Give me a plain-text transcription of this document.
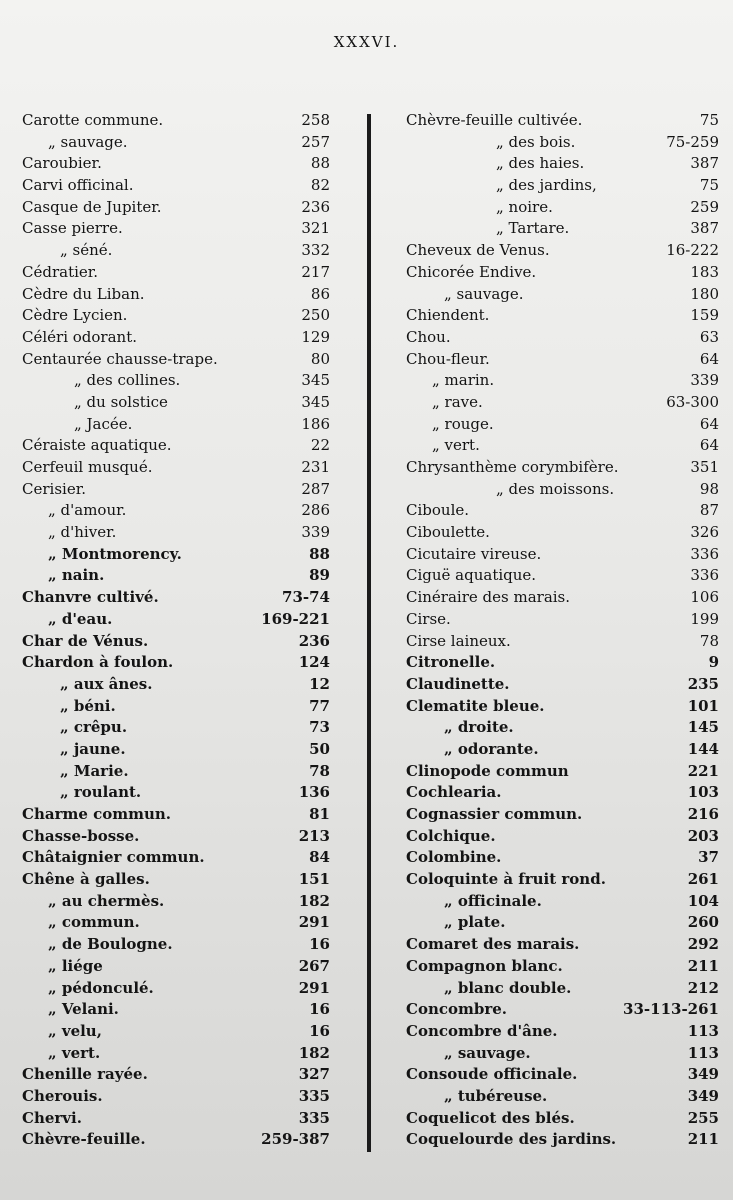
XXXVI.
Carotte commune.	258
„ sauvage.	257
Caroubier.	88
Carvi officinal.	82
Casque de Jupiter.	236
Casse pierre.	321
„ séné.	332
Cédratier.	217
Cèdre du Liban.	86
Cèdre Lycien.	250
Céléri odorant.	129
Centaurée chausse-trape.	80
„ des collines.	345
„ du solstice	345
„ Jacée.	186
Céraiste aquatique.	22
Cerfeuil musqué.	231
Cerisier.	287
„ d'amour.	286
„ d'hiver.	339
„ Montmorency.	88
„ nain.	89
Chanvre cultivé.	73-74
„ d'eau.	169-221
Char de Vénus.	236
Chardon à foulon.	124
„ aux ânes.	12
„ béni.	77
„ crêpu.	73
„ jaune.	50
„ Marie.	78
„ roulant.	136
Charme commun.	81
Chasse-bosse.	213
Châtaignier commun.	84
Chêne à galles.	151
„ au chermès.	182
„ commun.	291
„ de Boulogne.	16
„ liége	267
„ pédonculé.	291
„ Velani.	16
„ velu,	16
„ vert.	182
Chenille rayée.	327
Cherouis.	335
Chervi.	335
Chèvre-feuille.	259-387
Chèvre-feuille cultivée.	75
„ des bois.	75-259
„ des haies.	387
„ des jardins,	75
„ noire.	259
„ Tartare.	387
Cheveux de Venus.	16-222
Chicorée Endive.	183
„ sauvage.	180
Chiendent.	159
Chou.	63
Chou-fleur.	64
„ marin.	339
„ rave.	63-300
„ rouge.	64
„ vert.	64
Chrysanthème corymbifère.	351
„ des moissons.	98
Ciboule.	87
Ciboulette.	326
Cicutaire vireuse.	336
Ciguë aquatique.	336
Cinéraire des marais.	106
Cirse.	199
Cirse laineux.	78
Citronelle.	9
Claudinette.	235
Clematite bleue.	101
„ droite.	145
„ odorante.	144
Clinopode commun	221
Cochlearia.	103
Cognassier commun.	216
Colchique.	203
Colombine.	37
Coloquinte à fruit rond.	261
„ officinale.	104
„ plate.	260
Comaret des marais.	292
Compagnon blanc.	211
„ blanc double.	212
Concombre.	33-113-261
Concombre d'âne.	113
„ sauvage.	113
Consoude officinale.	349
„ tubéreuse.	349
Coquelicot des blés.	255
Coquelourde des jardins.	211
